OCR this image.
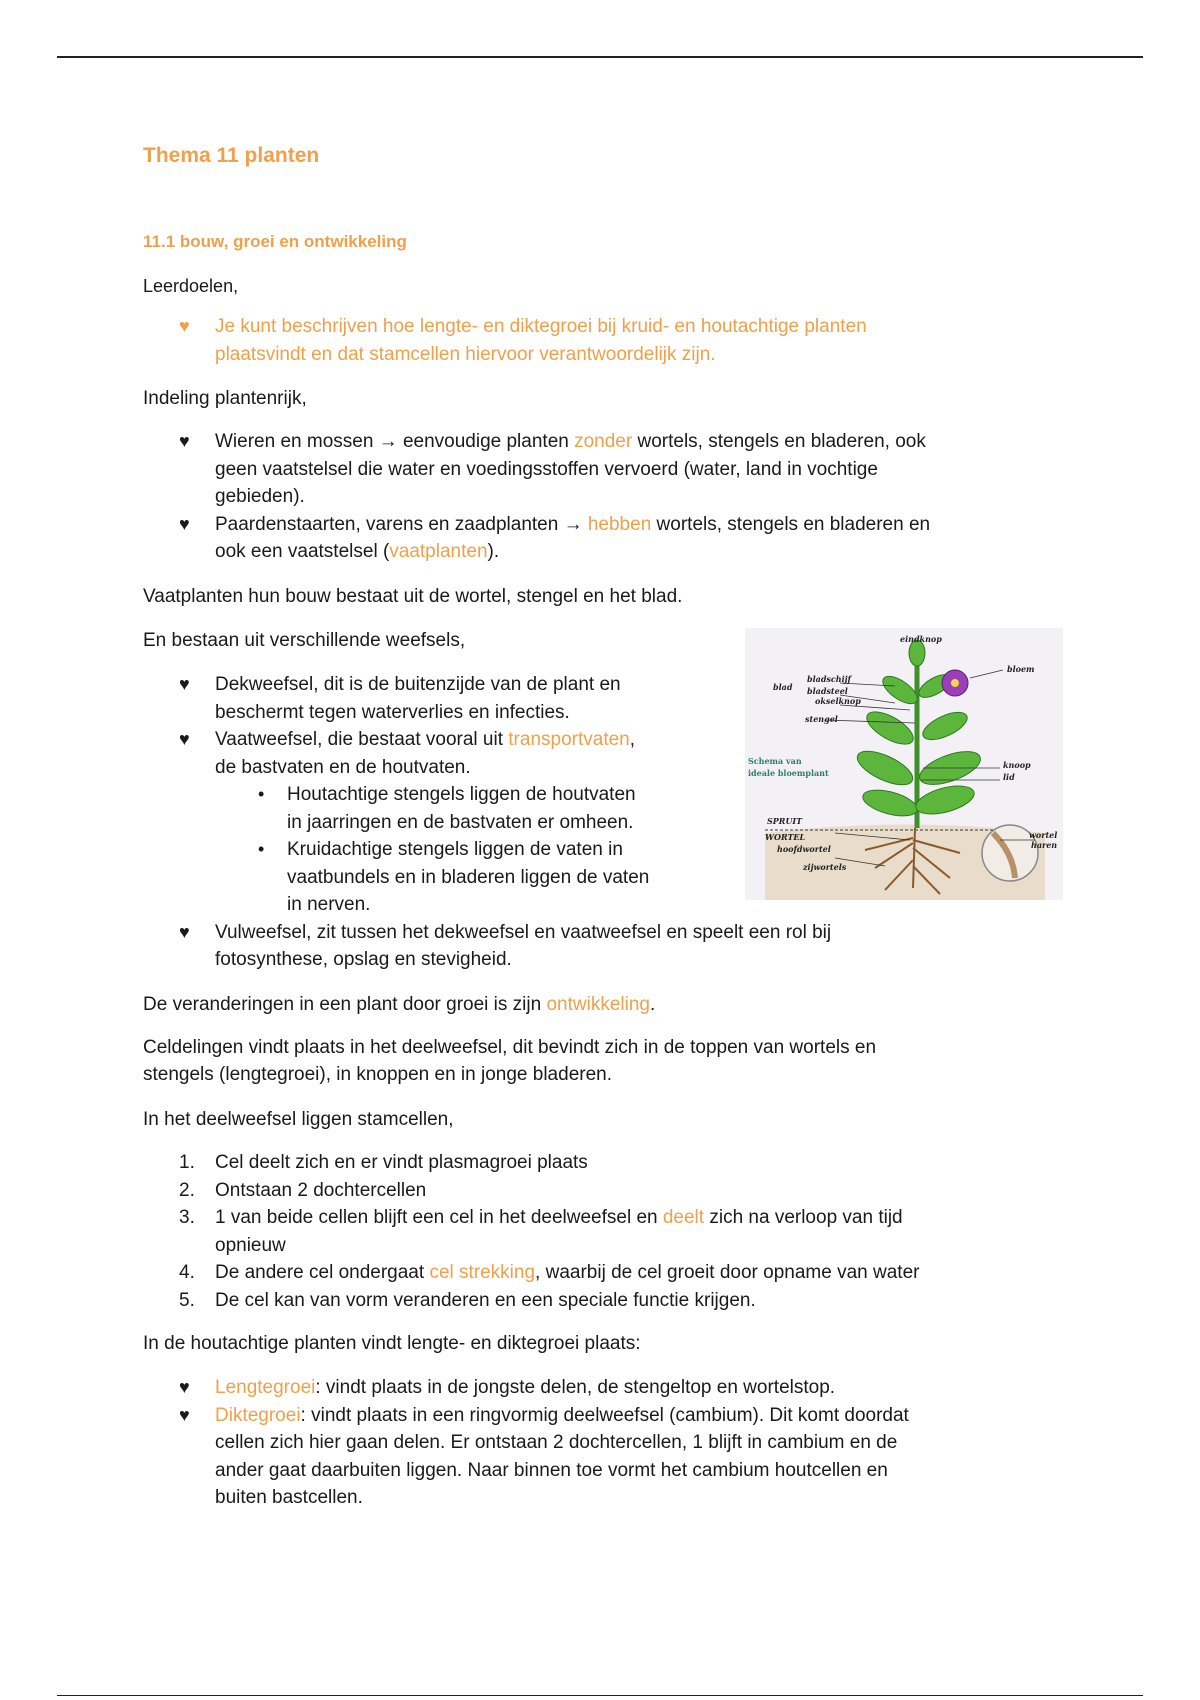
Thema 11 planten
11.1 bouw, groei en ontwikkeling
Leerdoelen,
♥	Je kunt beschrijven hoe lengte- en diktegroei bij kruid- en houtachtige planten
plaatsvindt en dat stamcellen hiervoor verantwoordelijk zijn.
Indeling plantenrijk,
♥	Wieren en mossen → eenvoudige planten zonder wortels, stengels en bladeren, ook
geen vaatstelsel die water en voedingsstoffen vervoerd (water, land in vochtige
gebieden).
♥	Paardenstaarten, varens en zaadplanten → hebben wortels, stengels en bladeren en
ook een vaatstelsel (vaatplanten).
Vaatplanten hun bouw bestaat uit de wortel, stengel en het blad.
En bestaan uit verschillende weefsels,
♥	Dekweefsel, dit is de buitenzijde van de plant en
beschermt tegen waterverlies en infecties.
♥	Vaatweefsel, die bestaat vooral uit transportvaten,
de bastvaten en de houtvaten.
• Houtachtige stengels liggen de houtvaten
in jaarringen en de bastvaten er omheen.
• Kruidachtige stengels liggen de vaten in
vaatbundels en in bladeren liggen de vaten
in nerven.
♥	Vulweefsel, zit tussen het dekweefsel en vaatweefsel en speelt een rol bij
fotosynthese, opslag en stevigheid.
De veranderingen in een plant door groei is zijn ontwikkeling.
Celdelingen vindt plaats in het deelweefsel, dit bevindt zich in de toppen van wortels en
stengels (lengtegroei), in knoppen en in jonge bladeren.
In het deelweefsel liggen stamcellen,
1. Cel deelt zich en er vindt plasmagroei plaats
2. Ontstaan 2 dochtercellen
3. 1 van beide cellen blijft een cel in het deelweefsel en deelt zich na verloop van tijd
opnieuw
4. De andere cel ondergaat cel strekking, waarbij de cel groeit door opname van water
5. De cel kan van vorm veranderen en een speciale functie krijgen.
In de houtachtige planten vindt lengte- en diktegroei plaats:
♥	Lengtegroei: vindt plaats in de jongste delen, de stengeltop en wortelstop.
♥	Diktegroei: vindt plaats in een ringvormig deelweefsel (cambium). Dit komt doordat
cellen zich hier gaan delen. Er ontstaan 2 dochtercellen, 1 blijft in cambium en de
ander gaat daarbuiten liggen. Naar binnen toe vormt het cambium houtcellen en
buiten bastcellen.
eindknop
bloem
blad
bladschijf
bladsteel
okselknop
stengel
Schema van
ideale bloemplant
knoop
lid
SPRUIT
WORTEL
hoofdwortel
zijwortels
wortel
haren
